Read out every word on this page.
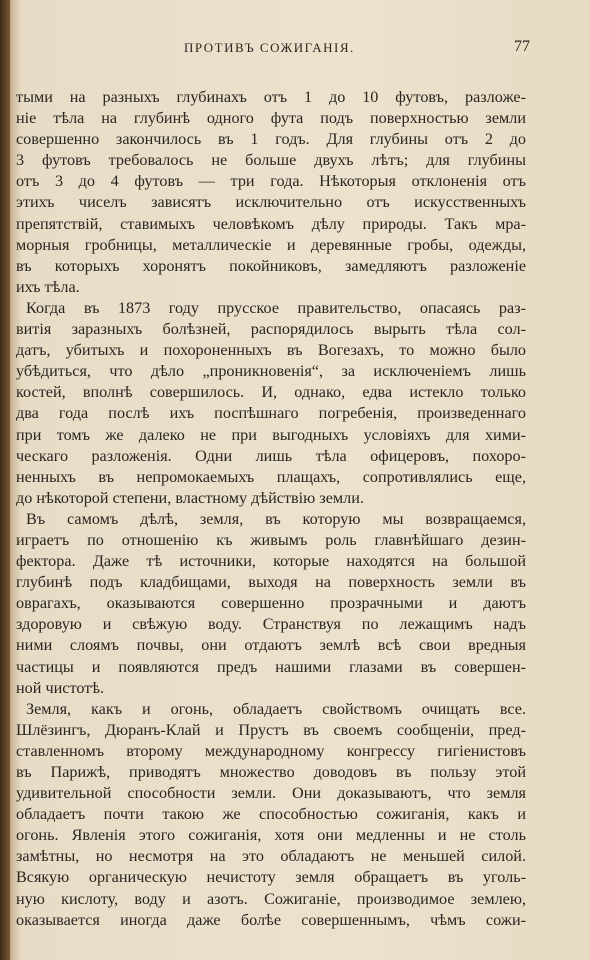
ПРОТИВЪ СОЖИГАНІЯ.	77
тыми на разныхъ глубинахъ отъ 1 до 10 футовъ, разложе-
ніе тѣла на глубинѣ одного фута подъ поверхностью земли
совершенно закончилось въ 1 годъ. Для глубины отъ 2 до
3 футовъ требовалось не больше двухъ лѣтъ; для глубины
отъ 3 до 4 футовъ — три года. Нѣкоторыя отклоненія отъ
этихъ чиселъ зависятъ исключительно отъ искусственныхъ
препятствій, ставимыхъ человѣкомъ дѣлу природы. Такъ мра-
морныя гробницы, металлическіе и деревянные гробы, одежды,
въ которыхъ хоронятъ покойниковъ, замедляютъ разложеніе
ихъ тѣла.
Когда въ 1873 году прусское правительство, опасаясь раз-
витія заразныхъ болѣзней, распорядилось вырыть тѣла сол-
датъ, убитыхъ и похороненныхъ въ Вогезахъ, то можно было
убѣдиться, что дѣло „проникновенія“, за исключеніемъ лишь
костей, вполнѣ совершилось. И, однако, едва истекло только
два года послѣ ихъ поспѣшнаго погребенія, произведеннаго
при томъ же далеко не при выгодныхъ условіяхъ для хими-
ческаго разложенія. Одни лишь тѣла офицеровъ, похоро-
ненныхъ въ непромокаемыхъ плащахъ, сопротивлялись еще,
до нѣкоторой степени, властному дѣйствію земли.
Въ самомъ дѣлѣ, земля, въ которую мы возвращаемся,
играетъ по отношенію къ живымъ роль главнѣйшаго дезин-
фектора. Даже тѣ источники, которые находятся на большой
глубинѣ подъ кладбищами, выходя на поверхность земли въ
оврагахъ, оказываются совершенно прозрачными и даютъ
здоровую и свѣжую воду. Странствуя по лежащимъ надъ
ними слоямъ почвы, они отдаютъ землѣ всѣ свои вредныя
частицы и появляются предъ нашими глазами въ совершен-
ной чистотѣ.
Земля, какъ и огонь, обладаетъ свойствомъ очищать все.
Шлёзингъ, Дюранъ-Клай и Прустъ въ своемъ сообщеніи, пред-
ставленномъ второму международному конгрессу гигіенистовъ
въ Парижѣ, приводятъ множество доводовъ въ пользу этой
удивительной способности земли. Они доказываютъ, что земля
обладаетъ почти такою же способностью сожиганія, какъ и
огонь. Явленія этого сожиганія, хотя они медленны и не столь
замѣтны, но несмотря на это обладаютъ не меньшей силой.
Всякую органическую нечистоту земля обращаетъ въ уголь-
ную кислоту, воду и азотъ. Сожиганіе, производимое землею,
оказывается иногда даже болѣе совершеннымъ, чѣмъ сожи-
